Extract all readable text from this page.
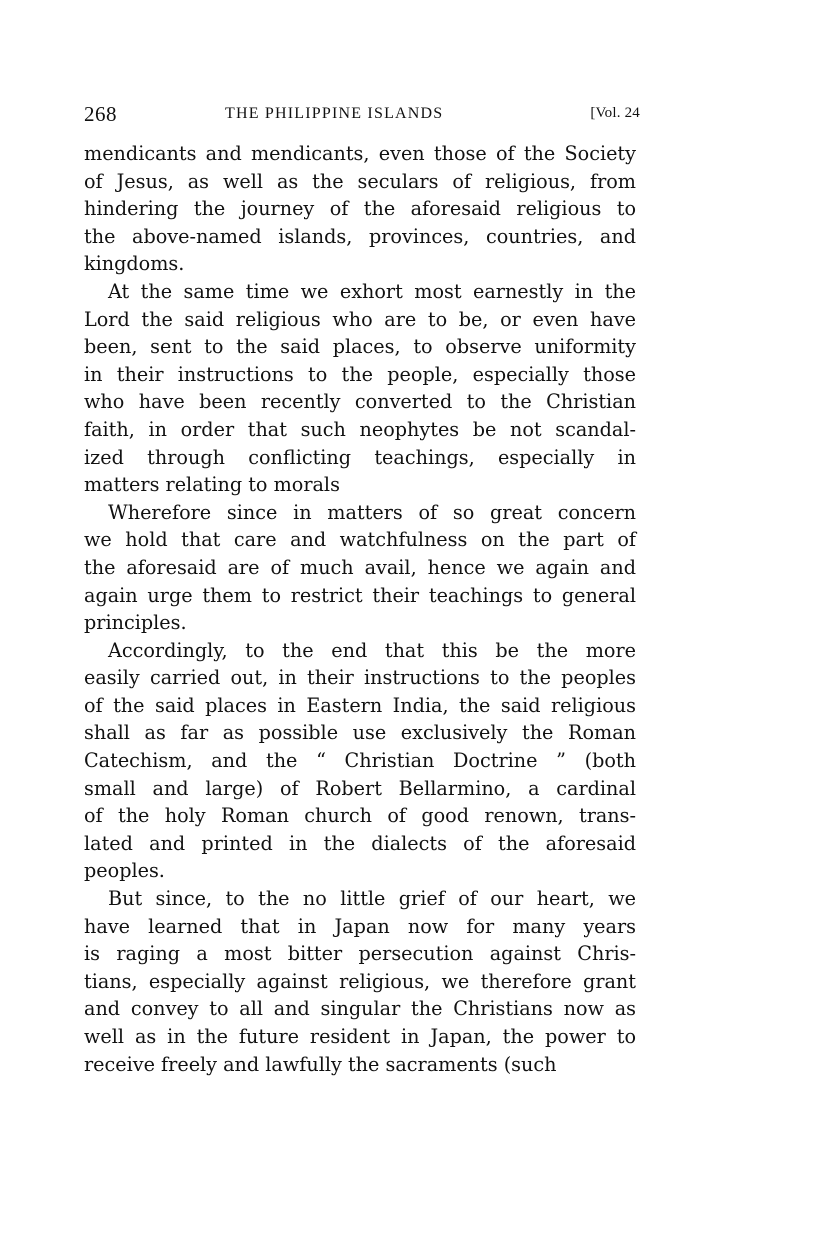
268	THE PHILIPPINE ISLANDS	[Vol. 24
mendicants and mendicants, even those of the Society
of Jesus, as well as the seculars of religious, from
hindering the journey of the aforesaid religious to
the above-named islands, provinces, countries, and
kingdoms.
At the same time we exhort most earnestly in the
Lord the said religious who are to be, or even have
been, sent to the said places, to observe uniformity
in their instructions to the people, especially those
who have been recently converted to the Christian
faith, in order that such neophytes be not scandal-
ized through conflicting teachings, especially in
matters relating to morals
Wherefore since in matters of so great concern
we hold that care and watchfulness on the part of
the aforesaid are of much avail, hence we again and
again urge them to restrict their teachings to general
principles.
Accordingly, to the end that this be the more
easily carried out, in their instructions to the peoples
of the said places in Eastern India, the said religious
shall as far as possible use exclusively the Roman
Catechism, and the “ Christian Doctrine ” (both
small and large) of Robert Bellarmino, a cardinal
of the holy Roman church of good renown, trans-
lated and printed in the dialects of the aforesaid
peoples.
But since, to the no little grief of our heart, we
have learned that in Japan now for many years
is raging a most bitter persecution against Chris-
tians, especially against religious, we therefore grant
and convey to all and singular the Christians now as
well as in the future resident in Japan, the power to
receive freely and lawfully the sacraments (such
